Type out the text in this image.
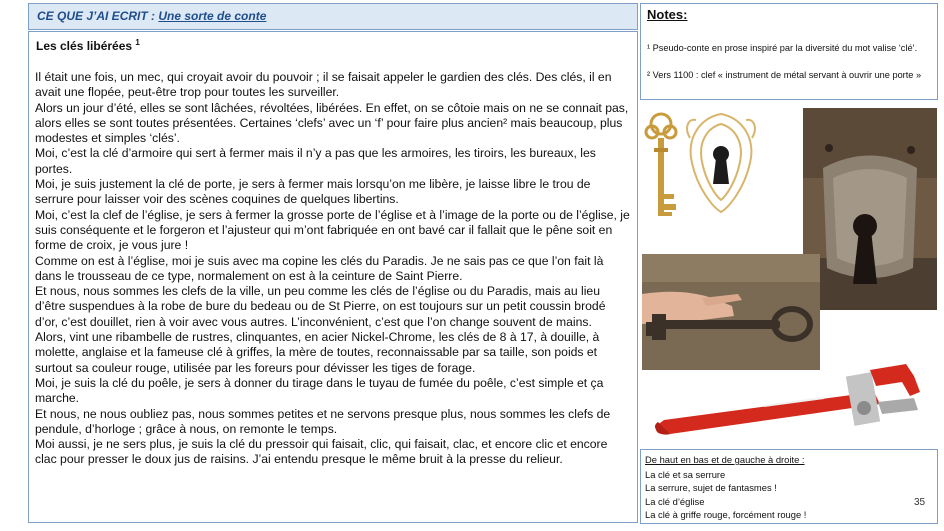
CE QUE J’AI ECRIT : Une sorte de conte
Les clés libérées $^1$

Il était une fois, un mec, qui croyait avoir du pouvoir ; il se faisait appeler le gardien des clés. Des clés, il en avait une flopée, peut-être trop pour toutes les surveiller.

Alors un jour d’été, elles se sont lâchées, révoltées, libérées. En effet, on se côtoie mais on ne se connait pas, alors elles se sont toutes présentées. Certaines ‘clefs’ avec un ‘f’ pour faire plus ancien² mais beaucoup, plus modestes et simples ‘clés’.

Moi, c’est la clé d’armoire qui sert à fermer mais il n’y a pas que les armoires, les tiroirs, les bureaux, les portes.

Moi, je suis justement la clé de porte, je sers à fermer mais lorsqu’on me libère, je laisse libre le trou de serrure pour laisser voir des scènes coquines de quelques libertins.

Moi, c’est la clef de l’église, je sers à fermer la grosse porte de l’église et à l’image de la porte ou de l’église, je suis conséquente et le forgeron et l’ajusteur qui m’ont fabriquée en ont bavé car il fallait que le pêne soit en forme de croix, je vous jure !

Comme on est à l’église, moi je suis avec ma copine les clés du Paradis. Je ne sais pas ce que l’on fait là dans le trousseau de ce type, normalement on est à la ceinture de Saint Pierre.

Et nous, nous sommes les clefs de la ville, un peu comme les clés de l’église ou du Paradis, mais au lieu d’être suspendues à la robe de bure du bedeau ou de St Pierre, on est toujours sur un petit coussin brodé d’or, c’est douillet, rien à voir avec vous autres. L’inconvénient, c’est que l’on change souvent de mains.

Alors, vint une ribambelle de rustres, clinquantes, en acier Nickel-Chrome, les clés de 8 à 17, à douille, à molette, anglaise et la fameuse clé à griffes, la mère de toutes, reconnaissable par sa taille, son poids et surtout sa couleur rouge, utilisée par les foreurs pour dévisser les tiges de forage.

Moi, je suis la clé du poêle, je sers à donner du tirage dans le tuyau de fumée du poêle, c’est simple et ça marche.

Et nous, ne nous oubliez pas, nous sommes petites et ne servons presque plus, nous sommes les clefs de pendule, d’horloge ; grâce à nous, on remonte le temps.

Moi aussi, je ne sers plus, je suis la clé du pressoir qui faisait, clic, qui faisait, clac, et encore clic et encore clac pour presser le doux jus de raisins. J’ai entendu presque le même bruit à la presse du relieur.

Notes:
¹ Pseudo-conte en prose inspiré par la diversité du mot valise ‘clé’.
² Vers 1100 : clef « instrument de métal servant à ouvrir une porte »
De haut en bas et de gauche à droite :
La clé et sa serrure
La serrure, sujet de fantasmes !
La clé d’église
La clé à griffe rouge, forcément rouge !
35
